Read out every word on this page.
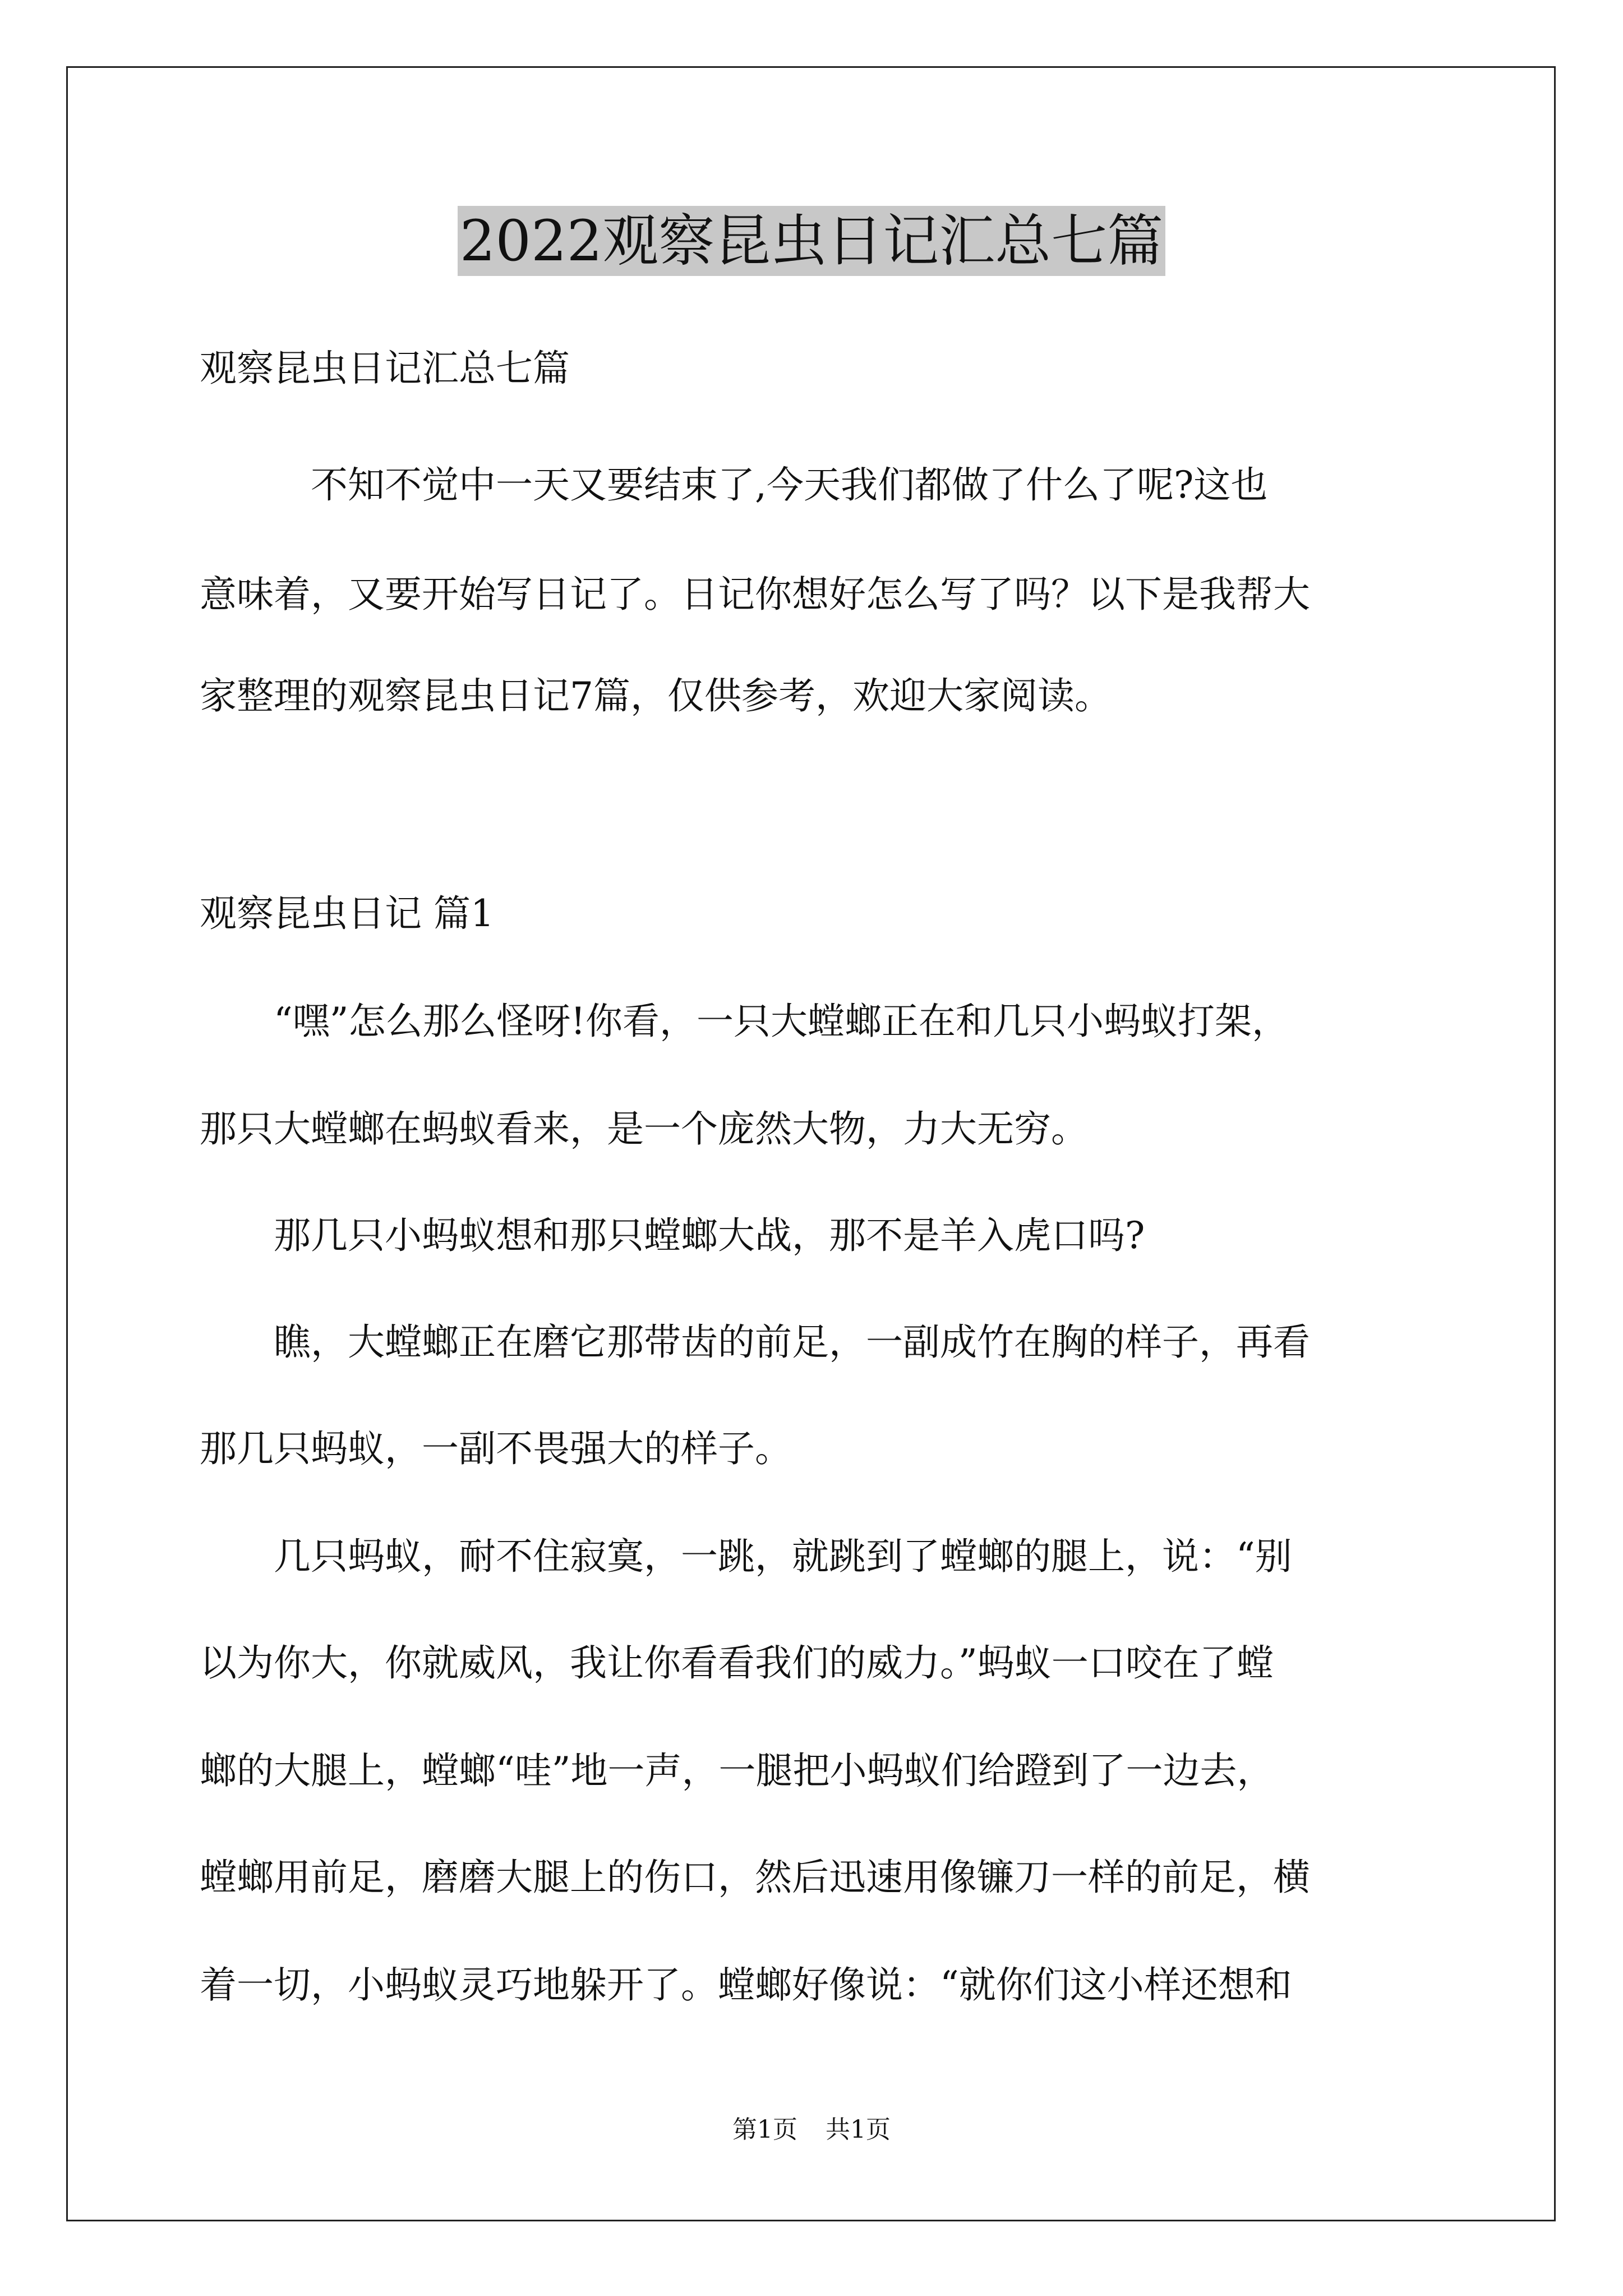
2022观察昆虫日记汇总七篇

观察昆虫日记汇总七篇

　　　不知不觉中一天又要结束了,今天我们都做了什么了呢?这也

意味着，又要开始写日记了。日记你想好怎么写了吗？以下是我帮大

家整理的观察昆虫日记7篇，仅供参考，欢迎大家阅读。

观察昆虫日记 篇1

　　“嘿”怎么那么怪呀!你看，一只大螳螂正在和几只小蚂蚁打架，

那只大螳螂在蚂蚁看来，是一个庞然大物，力大无穷。

　　那几只小蚂蚁想和那只螳螂大战，那不是羊入虎口吗?

　　瞧，大螳螂正在磨它那带齿的前足，一副成竹在胸的样子，再看

那几只蚂蚁，一副不畏强大的样子。

　　几只蚂蚁，耐不住寂寞，一跳，就跳到了螳螂的腿上，说：“别

以为你大，你就威风，我让你看看我们的威力。”蚂蚁一口咬在了螳

螂的大腿上，螳螂“哇”地一声，一腿把小蚂蚁们给蹬到了一边去，

螳螂用前足，磨磨大腿上的伤口，然后迅速用像镰刀一样的前足，横

着一切，小蚂蚁灵巧地躲开了。螳螂好像说：“就你们这小样还想和

第1页 共1页
